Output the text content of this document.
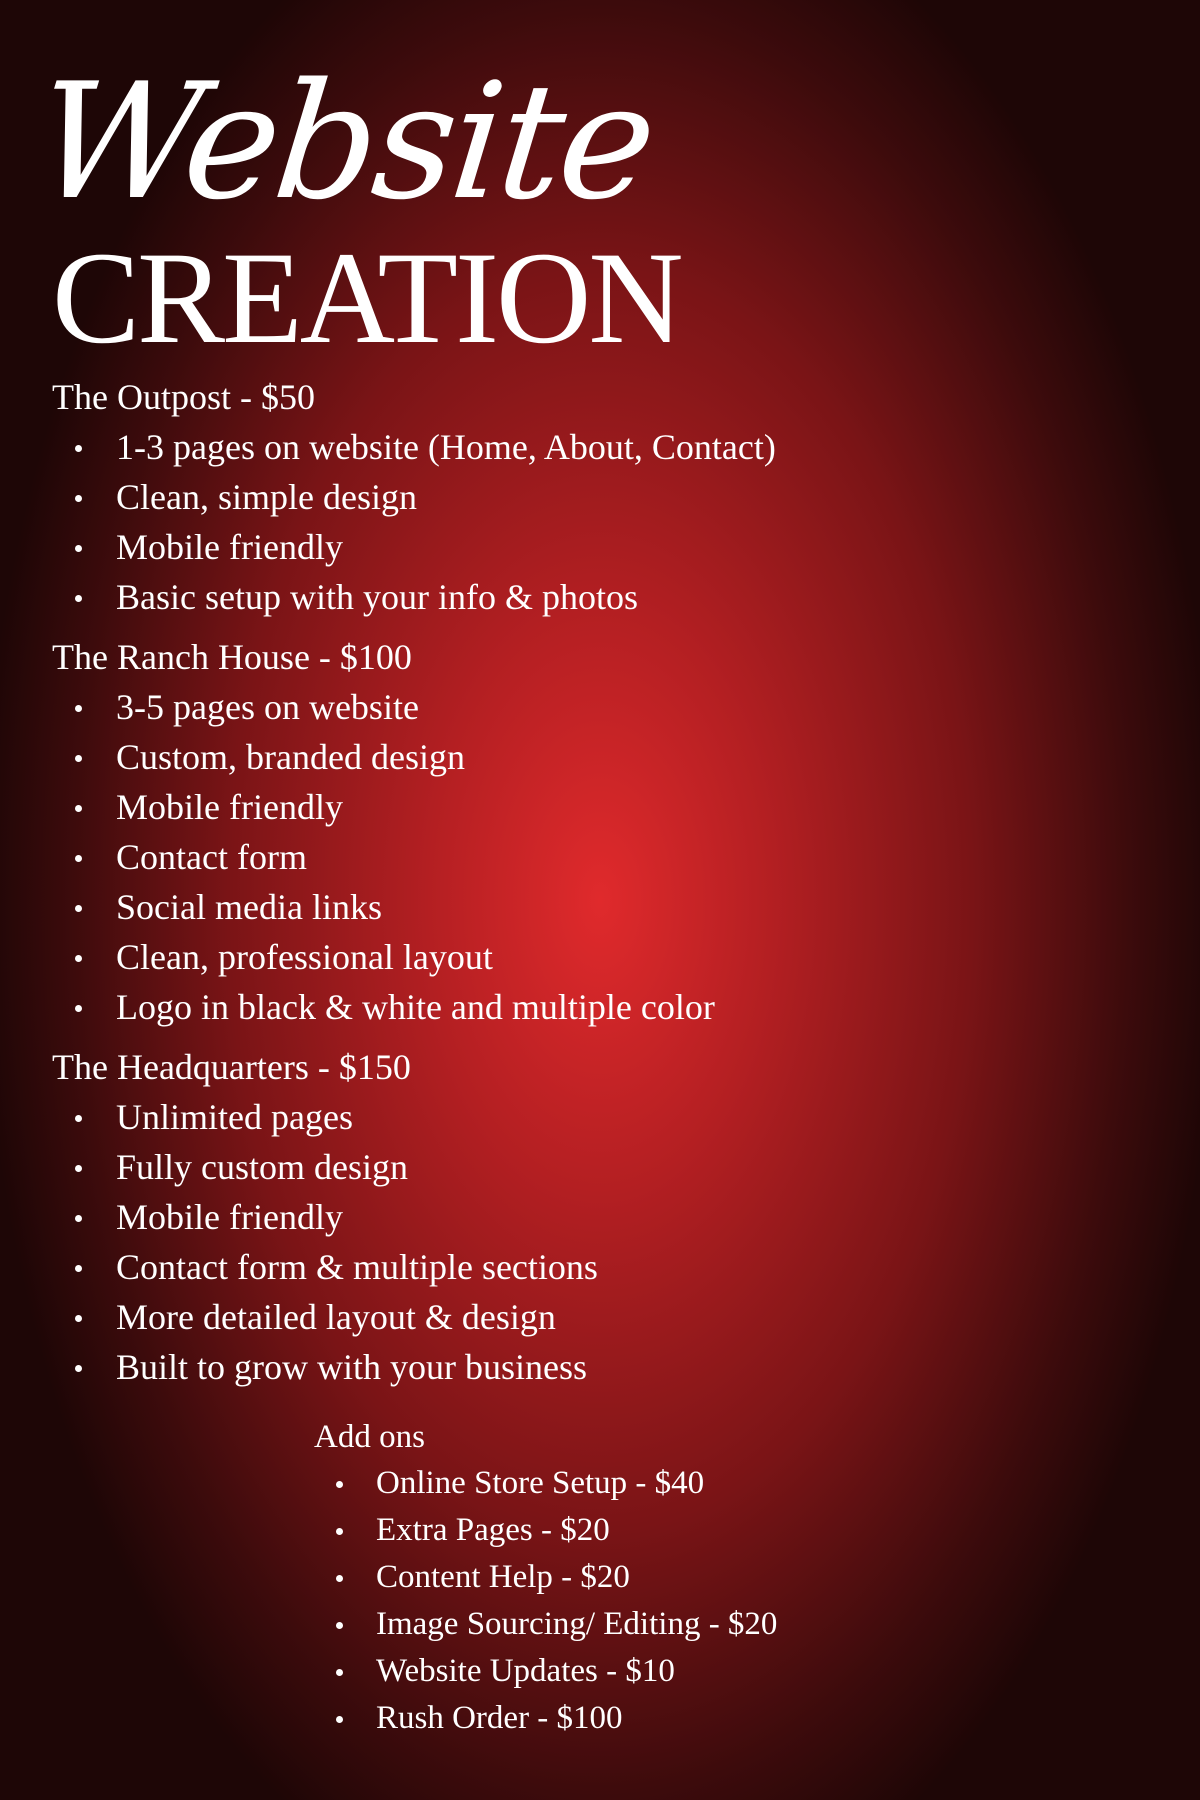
Website
CREATION
The Outpost - $50
1-3 pages on website (Home, About, Contact)
Clean, simple design
Mobile friendly
Basic setup with your info & photos
The Ranch House - $100
3-5 pages on website
Custom, branded design
Mobile friendly
Contact form
Social media links
Clean, professional layout
Logo in black & white and multiple color
The Headquarters - $150
Unlimited pages
Fully custom design
Mobile friendly
Contact form & multiple sections
More detailed layout & design
Built to grow with your business
Add ons
Online Store Setup - $40
Extra Pages - $20
Content Help - $20
Image Sourcing/ Editing - $20
Website Updates - $10
Rush Order - $100
